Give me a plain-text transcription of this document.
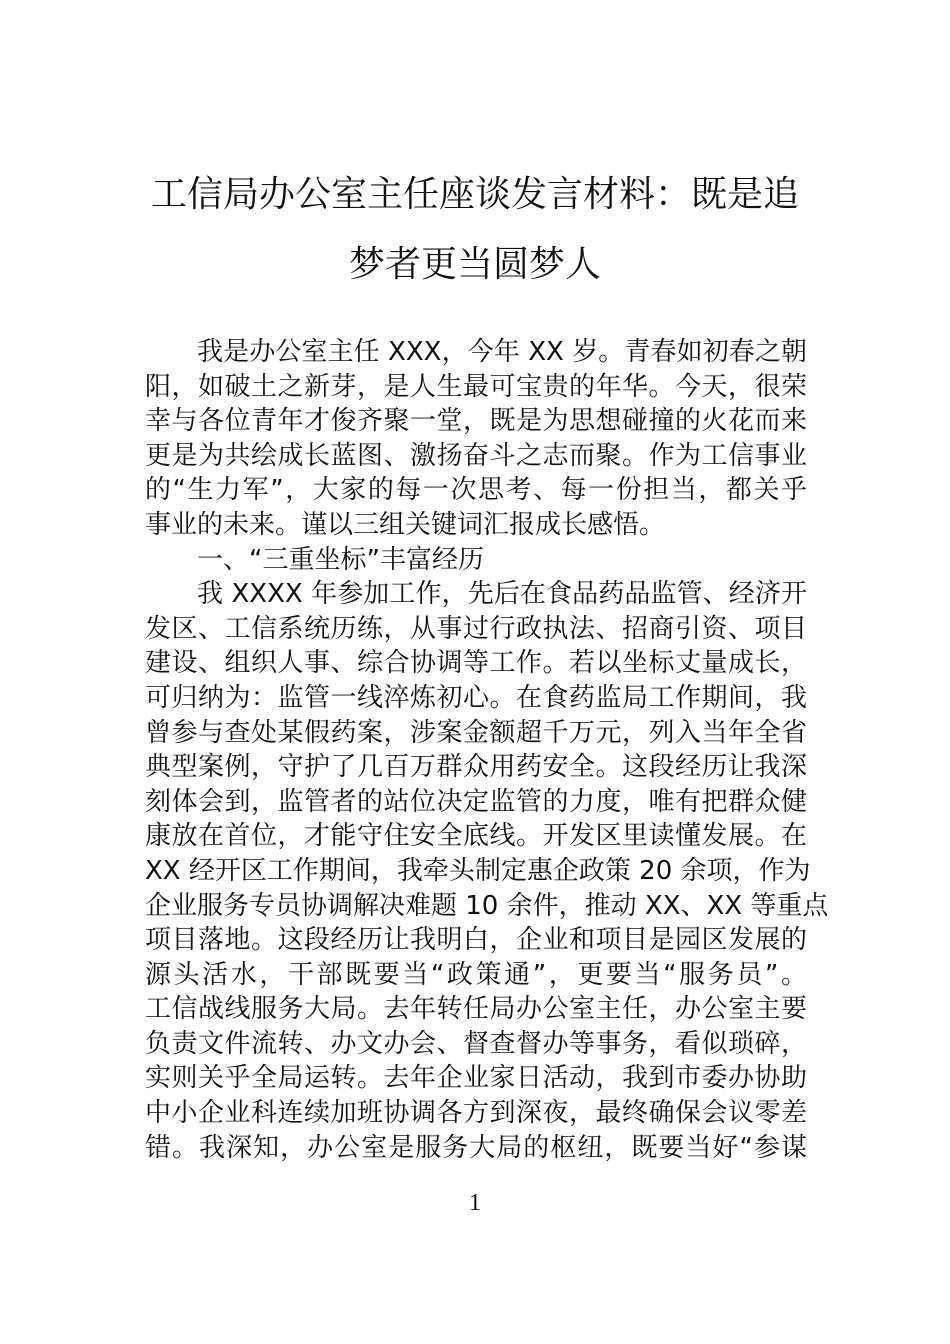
工信局办公室主任座谈发言材料：既是追
梦者更当圆梦人
我是办公室主任 XXX，今年 XX 岁。青春如初春之朝
阳，如破土之新芽，是人生最可宝贵的年华。今天，很荣
幸与各位青年才俊齐聚一堂，既是为思想碰撞的火花而来
更是为共绘成长蓝图、激扬奋斗之志而聚。作为工信事业
的“生力军”，大家的每一次思考、每一份担当，都关乎
事业的未来。谨以三组关键词汇报成长感悟。
一、“三重坐标”丰富经历
我 XXXX 年参加工作，先后在食品药品监管、经济开
发区、工信系统历练，从事过行政执法、招商引资、项目
建设、组织人事、综合协调等工作。若以坐标丈量成长，
可归纳为：监管一线淬炼初心。在食药监局工作期间，我
曾参与查处某假药案，涉案金额超千万元，列入当年全省
典型案例，守护了几百万群众用药安全。这段经历让我深
刻体会到，监管者的站位决定监管的力度，唯有把群众健
康放在首位，才能守住安全底线。开发区里读懂发展。在
XX 经开区工作期间，我牵头制定惠企政策 20 余项，作为
企业服务专员协调解决难题 10 余件，推动 XX、XX 等重点
项目落地。这段经历让我明白，企业和项目是园区发展的
源头活水，干部既要当“政策通”，更要当“服务员”。
工信战线服务大局。去年转任局办公室主任，办公室主要
负责文件流转、办文办会、督查督办等事务，看似琐碎，
实则关乎全局运转。去年企业家日活动，我到市委办协助
中小企业科连续加班协调各方到深夜，最终确保会议零差
错。我深知，办公室是服务大局的枢纽，既要当好“参谋
1
